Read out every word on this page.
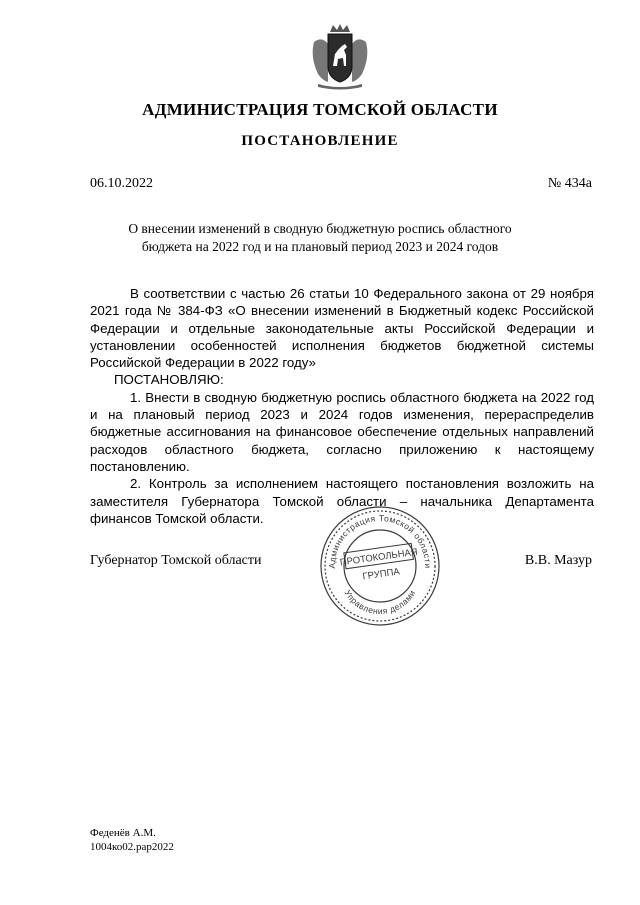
АДМИНИСТРАЦИЯ ТОМСКОЙ ОБЛАСТИ
ПОСТАНОВЛЕНИЕ
06.10.2022	№ 434а
О внесении изменений в сводную бюджетную роспись областного
бюджета на 2022 год и на плановый период 2023 и 2024 годов

В соответствии с частью 26 статьи 10 Федерального закона от 29 ноября 2021 года № 384-ФЗ «О внесении изменений в Бюджетный кодекс Российской Федерации и отдельные законодательные акты Российской Федерации и установлении особенностей исполнения бюджетов бюджетной системы Российской Федерации в 2022 году»

ПОСТАНОВЛЯЮ:

1. Внести в сводную бюджетную роспись областного бюджета на 2022 год и на плановый период 2023 и 2024 годов изменения, перераспределив бюджетные ассигнования на финансовое обеспечение отдельных направлений расходов областного бюджета, согласно приложению к настоящему постановлению.

2. Контроль за исполнением настоящего постановления возложить на заместителя Губернатора Томской области – начальника Департамента финансов Томской области.

Губернатор Томской области	В.В. Мазур
Администрация Томской области
Управления делами
ПРОТОКОЛЬНАЯ
ГРУППА
Феденёв А.М.
1004ко02.рар2022
